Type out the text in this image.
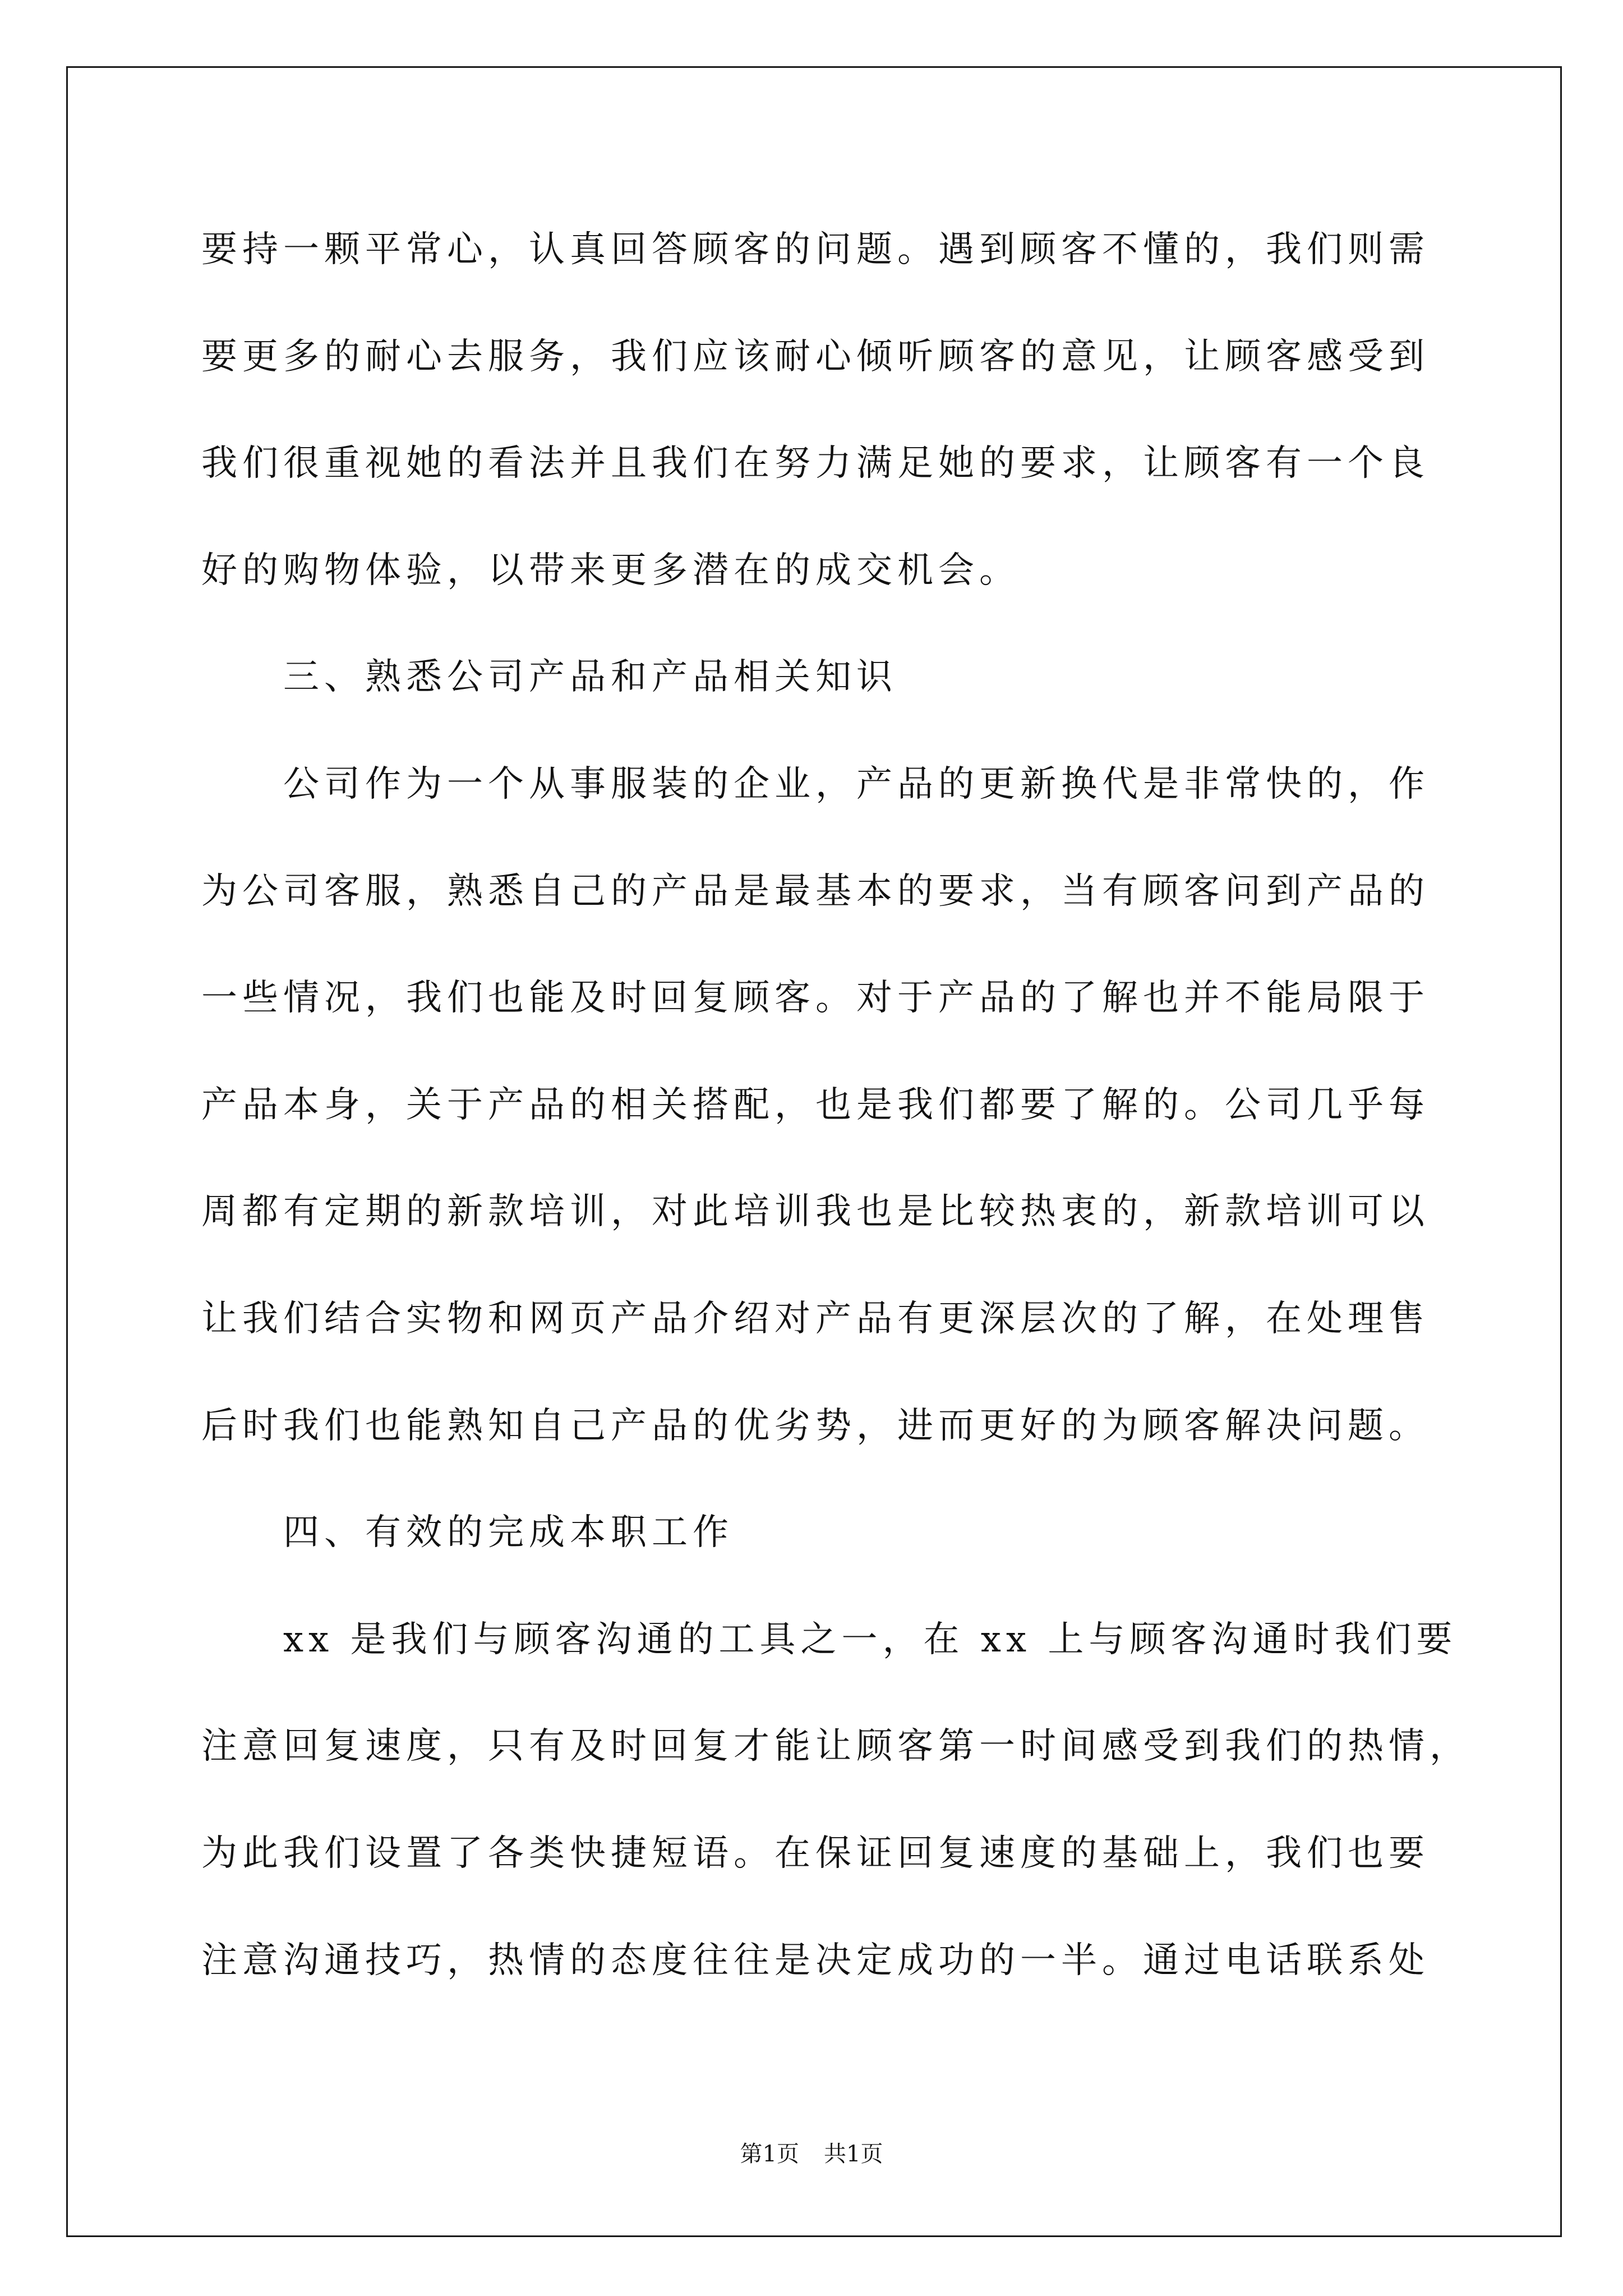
要持一颗平常心，认真回答顾客的问题。遇到顾客不懂的，我们则需
要更多的耐心去服务，我们应该耐心倾听顾客的意见，让顾客感受到
我们很重视她的看法并且我们在努力满足她的要求，让顾客有一个良
好的购物体验，以带来更多潜在的成交机会。
三、熟悉公司产品和产品相关知识
公司作为一个从事服装的企业，产品的更新换代是非常快的，作
为公司客服，熟悉自己的产品是最基本的要求，当有顾客问到产品的
一些情况，我们也能及时回复顾客。对于产品的了解也并不能局限于
产品本身，关于产品的相关搭配，也是我们都要了解的。公司几乎每
周都有定期的新款培训，对此培训我也是比较热衷的，新款培训可以
让我们结合实物和网页产品介绍对产品有更深层次的了解，在处理售
后时我们也能熟知自己产品的优劣势，进而更好的为顾客解决问题。
四、有效的完成本职工作
xx 是我们与顾客沟通的工具之一，在 xx 上与顾客沟通时我们要
注意回复速度，只有及时回复才能让顾客第一时间感受到我们的热情，
为此我们设置了各类快捷短语。在保证回复速度的基础上，我们也要
注意沟通技巧，热情的态度往往是决定成功的一半。通过电话联系处
第1页 共1页
